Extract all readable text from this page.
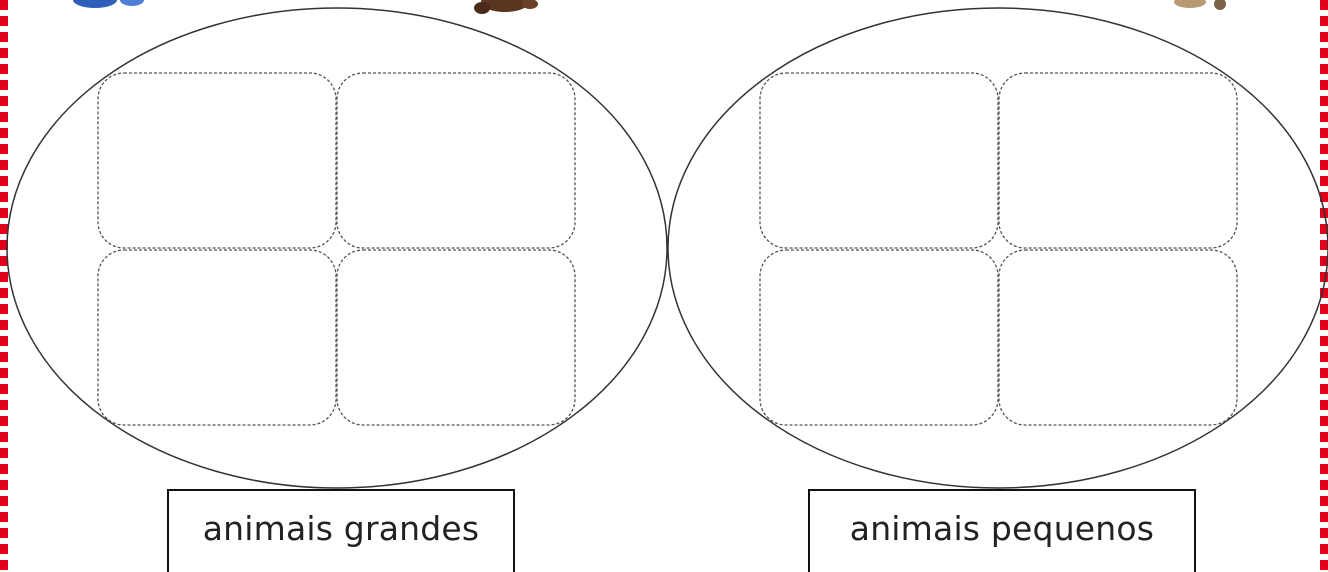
animais grandes	animais pequenos
